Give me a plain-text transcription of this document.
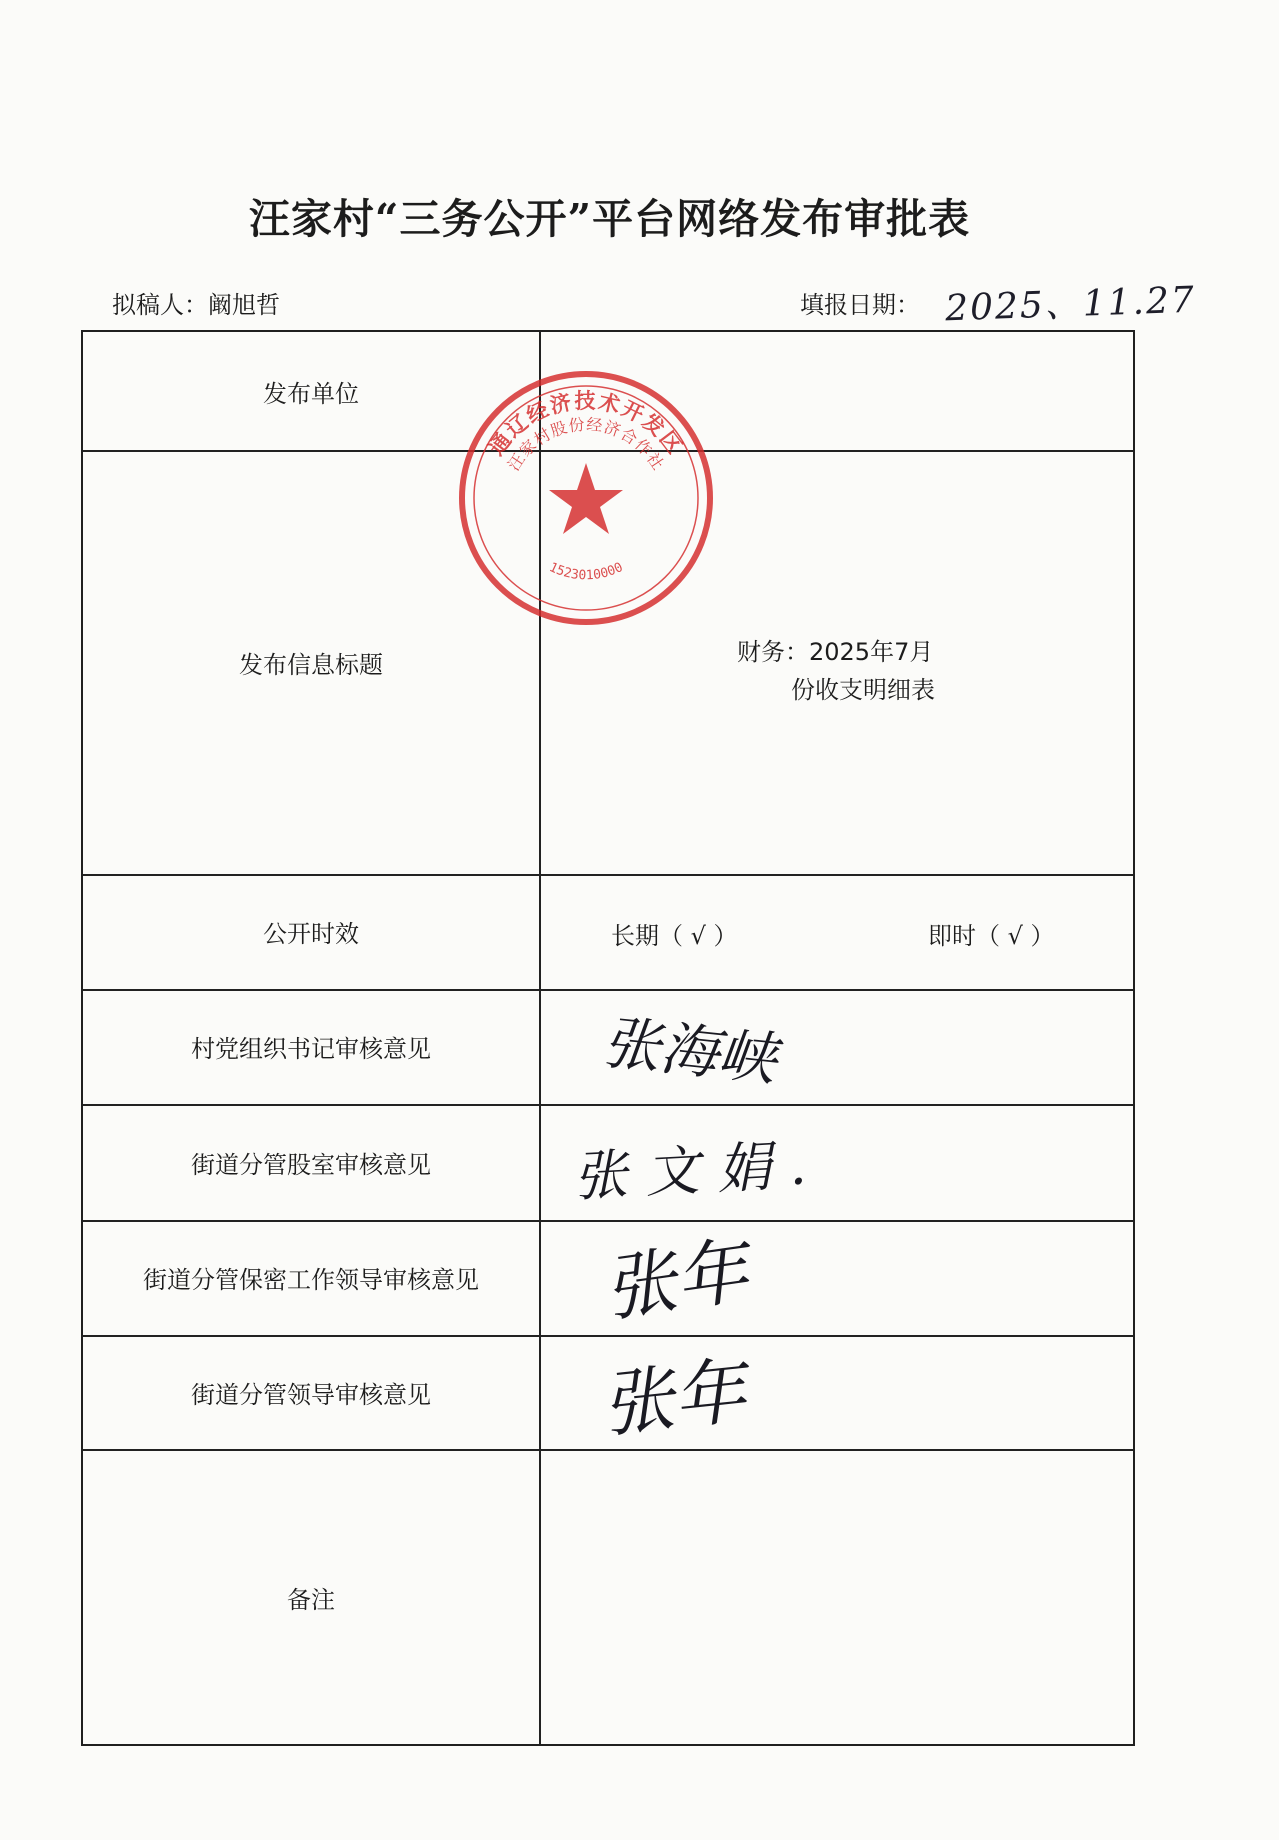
汪家村“三务公开”平台网络发布审批表
拟稿人：阚旭哲	填报日期： 2025、11.27
发布单位
发布信息标题	财务：2025年7月
份收支明细表
公开时效	长期（ √ ）	即时（ √ ）
村党组织书记审核意见	张海峡
街道分管股室审核意见	张文娟.
街道分管保密工作领导审核意见	张年
街道分管领导审核意见	张年
备注
通辽经济技术开发区
汪家村股份经济合作社
1523010000
